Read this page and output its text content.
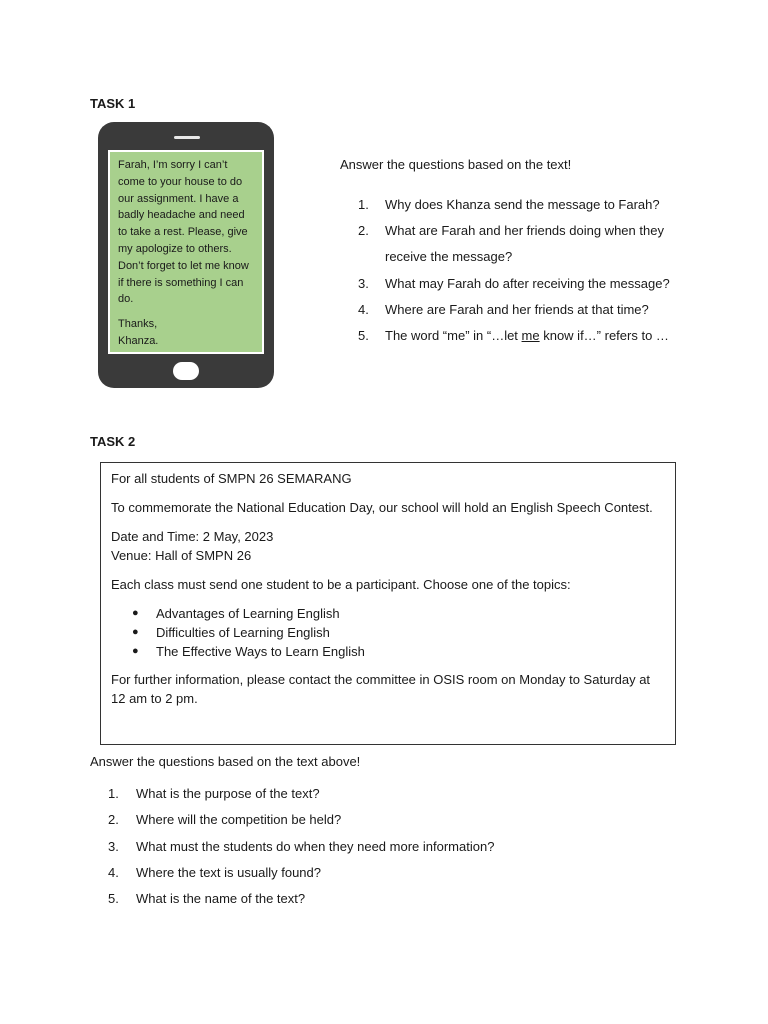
TASK 1

Farah, I’m sorry I can’t come to your house to do our assignment. I have a badly headache and need to take a rest. Please, give my apologize to others. Don’t forget to let me know if there is something I can do.

Thanks,

Khanza.

Answer the questions based on the text!

1.	Why does Khanza send the message to Farah?
2.	What are Farah and her friends doing when they receive the message?
3.	What may Farah do after receiving the message?
4.	Where are Farah and her friends at that time?
5.	The word “me” in “…let me know if…” refers to …
TASK 2

For all students of SMPN 26 SEMARANG

To commemorate the National Education Day, our school will hold an English Speech Contest.

Date and Time: 2 May, 2023
Venue: Hall of SMPN 26

Each class must send one student to be a participant. Choose one of the topics:

●	Advantages of Learning English
●	Difficulties of Learning English
●	The Effective Ways to Learn English

For further information, please contact the committee in OSIS room on Monday to Saturday at 12 am to 2 pm.

Answer the questions based on the text above!

1.	What is the purpose of the text?
2.	Where will the competition be held?
3.	What must the students do when they need more information?
4.	Where the text is usually found?
5.	What is the name of the text?
